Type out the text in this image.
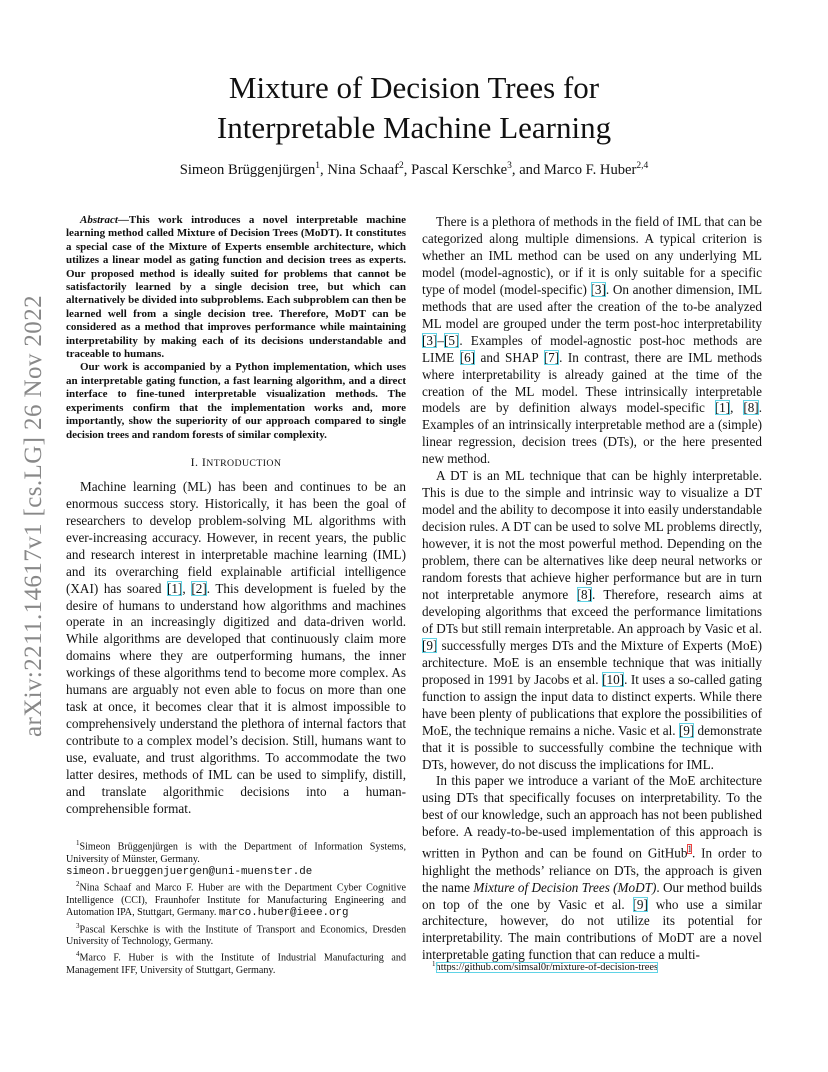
Mixture of Decision Trees for
Interpretable Machine Learning
Simeon Brüggenjürgen$^1$, Nina Schaaf$^2$, Pascal Kerschke$^3$, and Marco F. Huber$^{2,4}$
arXiv:2211.14617v1 [cs.LG] 26 Nov 2022

Abstract—This work introduces a novel interpretable machine learning method called Mixture of Decision Trees (MoDT). It constitutes a special case of the Mixture of Experts ensemble architecture, which utilizes a linear model as gating function and decision trees as experts. Our proposed method is ideally suited for problems that cannot be satisfactorily learned by a single decision tree, but which can alternatively be divided into subproblems. Each subproblem can then be learned well from a single decision tree. Therefore, MoDT can be considered as a method that improves performance while maintaining interpretability by making each of its decisions understandable and traceable to humans.

Our work is accompanied by a Python implementation, which uses an interpretable gating function, a fast learning algorithm, and a direct interface to fine-tuned interpretable visualization methods. The experiments confirm that the implementation works and, more importantly, show the superiority of our approach compared to single decision trees and random forests of similar complexity.

I. INTRODUCTION

Machine learning (ML) has been and continues to be an enormous success story. Historically, it has been the goal of researchers to develop problem-solving ML algorithms with ever-increasing accuracy. However, in recent years, the public and research interest in interpretable machine learning (IML) and its overarching field explainable artificial intelligence (XAI) has soared [1], [2]. This development is fueled by the desire of humans to understand how algorithms and machines operate in an increasingly digitized and data-driven world. While algorithms are developed that continuously claim more domains where they are outperforming humans, the inner workings of these algorithms tend to become more complex. As humans are arguably not even able to focus on more than one task at once, it becomes clear that it is almost impossible to comprehensively understand the plethora of internal factors that contribute to a complex model’s decision. Still, humans want to use, evaluate, and trust algorithms. To accommodate the two latter desires, methods of IML can be used to simplify, distill, and translate algorithmic decisions into a human-comprehensible format.

$^1$Simeon Brüggenjürgen is with the Department of Information Systems, University of Münster, Germany.
simeon.brueggenjuergen@uni-muenster.de

$^2$Nina Schaaf and Marco F. Huber are with the Department Cyber Cognitive Intelligence (CCI), Fraunhofer Institute for Manufacturing Engineering and Automation IPA, Stuttgart, Germany. marco.huber@ieee.org

$^3$Pascal Kerschke is with the Institute of Transport and Economics, Dresden University of Technology, Germany.

$^4$Marco F. Huber is with the Institute of Industrial Manufacturing and Management IFF, University of Stuttgart, Germany.

There is a plethora of methods in the field of IML that can be categorized along multiple dimensions. A typical criterion is whether an IML method can be used on any underlying ML model (model-agnostic), or if it is only suitable for a specific type of model (model-specific) [3]. On another dimension, IML methods that are used after the creation of the to-be analyzed ML model are grouped under the term post-hoc interpretability [3]–[5]. Examples of model-agnostic post-hoc methods are LIME [6] and SHAP [7]. In contrast, there are IML methods where interpretability is already gained at the time of the creation of the ML model. These intrinsically interpretable models are by definition always model-specific [1], [8]. Examples of an intrinsically interpretable method are a (simple) linear regression, decision trees (DTs), or the here presented new method.

A DT is an ML technique that can be highly interpretable. This is due to the simple and intrinsic way to visualize a DT model and the ability to decompose it into easily understandable decision rules. A DT can be used to solve ML problems directly, however, it is not the most powerful method. Depending on the problem, there can be alternatives like deep neural networks or random forests that achieve higher performance but are in turn not interpretable anymore [8]. Therefore, research aims at developing algorithms that exceed the performance limitations of DTs but still remain interpretable. An approach by Vasic et al. [9] successfully merges DTs and the Mixture of Experts (MoE) architecture. MoE is an ensemble technique that was initially proposed in 1991 by Jacobs et al. [10]. It uses a so-called gating function to assign the input data to distinct experts. While there have been plenty of publications that explore the possibilities of MoE, the technique remains a niche. Vasic et al. [9] demonstrate that it is possible to successfully combine the technique with DTs, however, do not discuss the implications for IML.

In this paper we introduce a variant of the MoE architecture using DTs that specifically focuses on interpretability. To the best of our knowledge, such an approach has not been published before. A ready-to-be-used implementation of this approach is written in Python and can be found on GitHub$^1$. In order to highlight the methods’ reliance on DTs, the approach is given the name Mixture of Decision Trees (MoDT). Our method builds on top of the one by Vasic et al. [9] who use a similar architecture, however, do not utilize its potential for interpretability. The main contributions of MoDT are a novel interpretable gating function that can reduce a multi-

$^1$https://github.com/simsal0r/mixture-of-decision-trees
